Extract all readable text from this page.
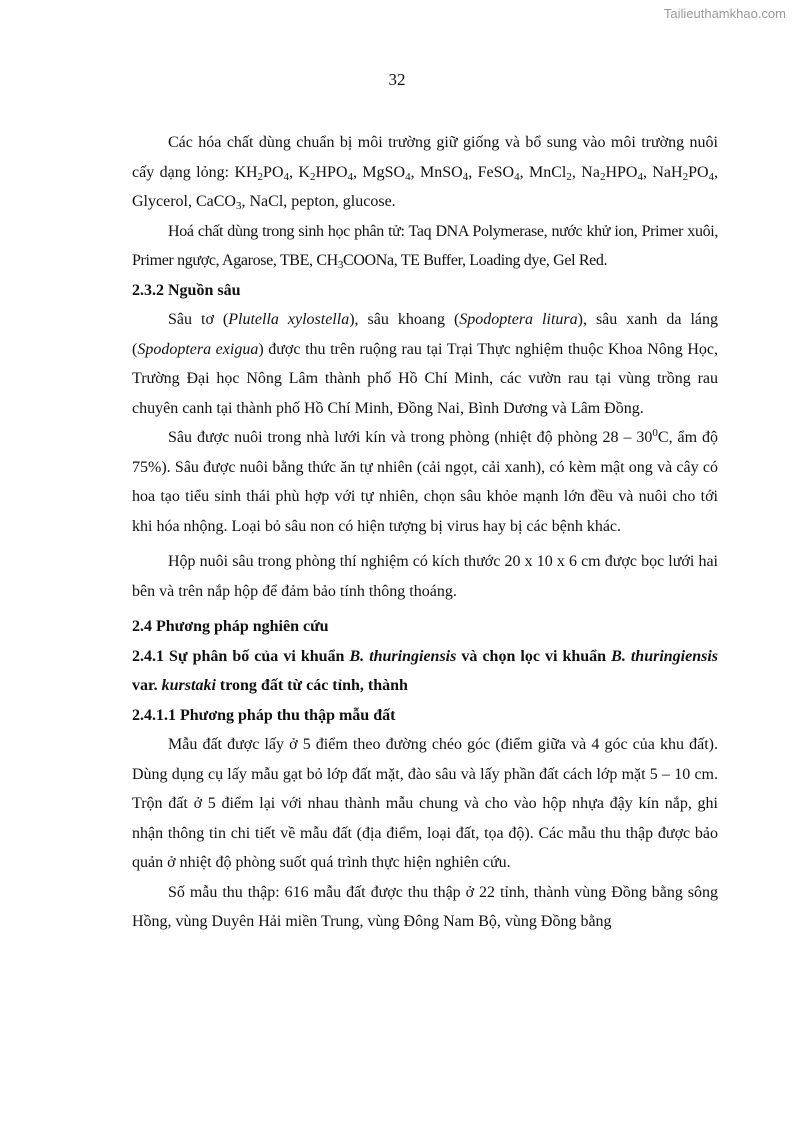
Tailieuthamkhao.com
32

Các hóa chất dùng chuẩn bị môi trường giữ giống và bổ sung vào môi trường nuôi cấy dạng lỏng: $KH_2PO_4$, $K_2HPO_4$, MgSO$_4$, MnSO$_4$, FeSO$_4$, MnCl$_2$, $Na_2HPO_4$, $NaH_2PO_4$, Glycerol, CaCO$_3$, NaCl, pepton, glucose.

Hoá chất dùng trong sinh học phân tử: Taq DNA Polymerase, nước khử ion, Primer xuôi, Primer ngược, Agarose, TBE, $CH_3COONa$, TE Buffer, Loading dye, Gel Red.

2.3.2 Nguồn sâu

Sâu tơ (Plutella xylostella), sâu khoang (Spodoptera litura), sâu xanh da láng (Spodoptera exigua) được thu trên ruộng rau tại Trại Thực nghiệm thuộc Khoa Nông Học, Trường Đại học Nông Lâm thành phố Hồ Chí Minh, các vườn rau tại vùng trồng rau chuyên canh tại thành phố Hồ Chí Minh, Đồng Nai, Bình Dương và Lâm Đồng.

Sâu được nuôi trong nhà lưới kín và trong phòng (nhiệt độ phòng $28 - 30^0C$, ẩm độ 75%). Sâu được nuôi bằng thức ăn tự nhiên (cải ngọt, cải xanh), có kèm mật ong và cây có hoa tạo tiểu sinh thái phù hợp với tự nhiên, chọn sâu khỏe mạnh lớn đều và nuôi cho tới khi hóa nhộng. Loại bỏ sâu non có hiện tượng bị virus hay bị các bệnh khác.

Hộp nuôi sâu trong phòng thí nghiệm có kích thước 20 x 10 x 6 cm được bọc lưới hai bên và trên nắp hộp để đảm bảo tính thông thoáng.

2.4 Phương pháp nghiên cứu

2.4.1 Sự phân bố của vi khuẩn B. thuringiensis và chọn lọc vi khuẩn B. thuringiensis var. kurstaki trong đất từ các tỉnh, thành

2.4.1.1 Phương pháp thu thập mẫu đất

Mẫu đất được lấy ở 5 điểm theo đường chéo góc (điểm giữa và 4 góc của khu đất). Dùng dụng cụ lấy mẫu gạt bỏ lớp đất mặt, đào sâu và lấy phần đất cách lớp mặt 5 – 10 cm. Trộn đất ở 5 điểm lại với nhau thành mẫu chung và cho vào hộp nhựa đậy kín nắp, ghi nhận thông tin chi tiết về mẫu đất (địa điểm, loại đất, tọa độ). Các mẫu thu thập được bảo quản ở nhiệt độ phòng suốt quá trình thực hiện nghiên cứu.

Số mẫu thu thập: 616 mẫu đất được thu thập ở 22 tỉnh, thành vùng Đồng bằng sông Hồng, vùng Duyên Hải miền Trung, vùng Đông Nam Bộ, vùng Đồng bằng
